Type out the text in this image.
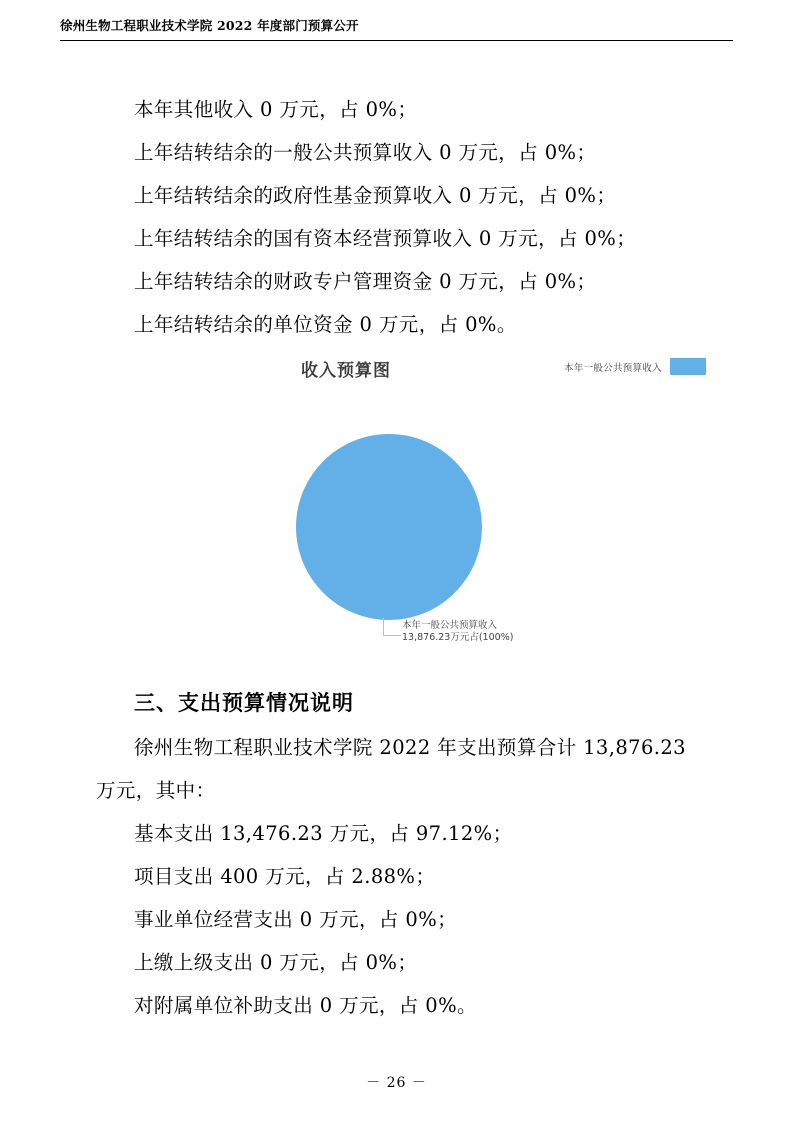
徐州生物工程职业技术学院 2022 年度部门预算公开

本年其他收入 0 万元，占 0%；

上年结转结余的一般公共预算收入 0 万元，占 0%；

上年结转结余的政府性基金预算收入 0 万元，占 0%；

上年结转结余的国有资本经营预算收入 0 万元，占 0%；

上年结转结余的财政专户管理资金 0 万元，占 0%；

上年结转结余的单位资金 0 万元，占 0%。

收入预算图	本年一般公共预算收入
本年一般公共预算收入
13,876.23万元占(100%)
三、支出预算情况说明

徐州生物工程职业技术学院 2022 年支出预算合计 13,876.23

万元，其中：

基本支出 13,476.23 万元，占 97.12%；

项目支出 400 万元，占 2.88%；

事业单位经营支出 0 万元，占 0%；

上缴上级支出 0 万元，占 0%；

对附属单位补助支出 0 万元，占 0%。

－ 26 －
